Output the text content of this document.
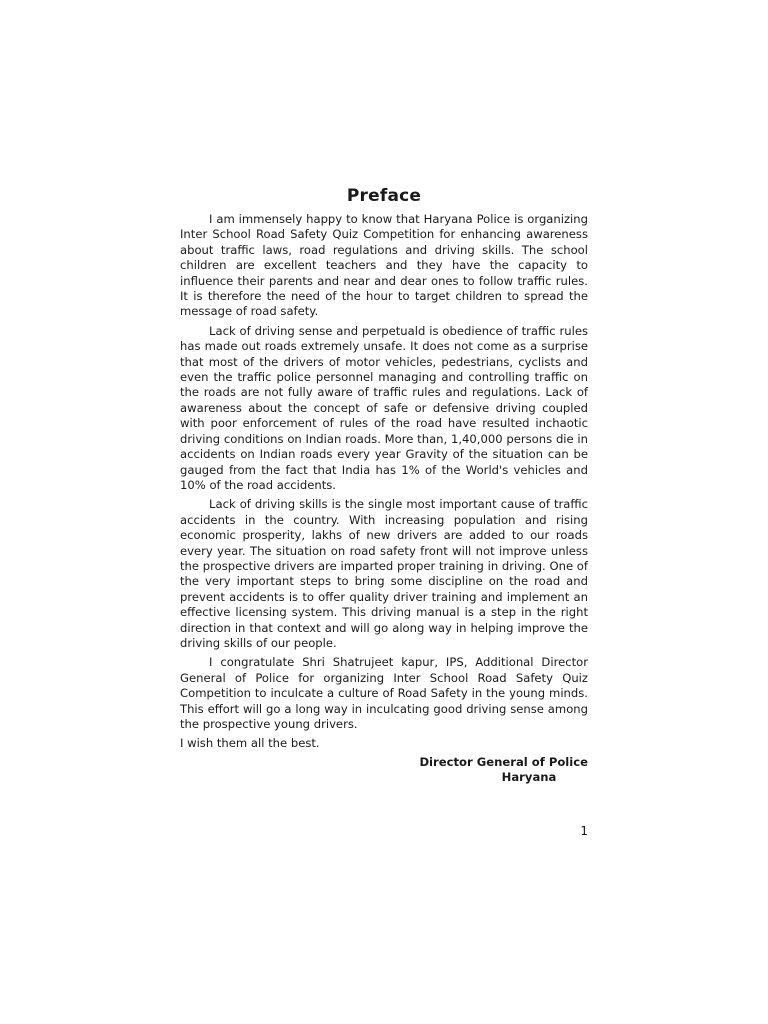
Preface

I am immensely happy to know that Haryana Police is organizing Inter School Road Safety Quiz Competition for enhancing awareness about traffic laws, road regulations and driving skills. The school children are excellent teachers and they have the capacity to influence their parents and near and dear ones to follow traffic rules. It is therefore the need of the hour to target children to spread the message of road safety.

Lack of driving sense and perpetuald is obedience of traffic rules has made out roads extremely unsafe. It does not come as a surprise that most of the drivers of motor vehicles, pedestrians, cyclists and even the traffic police personnel managing and controlling traffic on the roads are not fully aware of traffic rules and regulations. Lack of awareness about the concept of safe or defensive driving coupled with poor enforcement of rules of the road have resulted inchaotic driving conditions on Indian roads. More than, 1,40,000 persons die in accidents on Indian roads every year Gravity of the situation can be gauged from the fact that India has 1% of the World's vehicles and 10% of the road accidents.

Lack of driving skills is the single most important cause of traffic accidents in the country. With increasing population and rising economic prosperity, lakhs of new drivers are added to our roads every year. The situation on road safety front will not improve unless the prospective drivers are imparted proper training in driving. One of the very important steps to bring some discipline on the road and prevent accidents is to offer quality driver training and implement an effective licensing system. This driving manual is a step in the right direction in that context and will go along way in helping improve the driving skills of our people.

I congratulate Shri Shatrujeet kapur, IPS, Additional Director General of Police for organizing Inter School Road Safety Quiz Competition to inculcate a culture of Road Safety in the young minds. This effort will go a long way in inculcating good driving sense among the prospective young drivers.

I wish them all the best.

Director General of Police
Haryana
1
